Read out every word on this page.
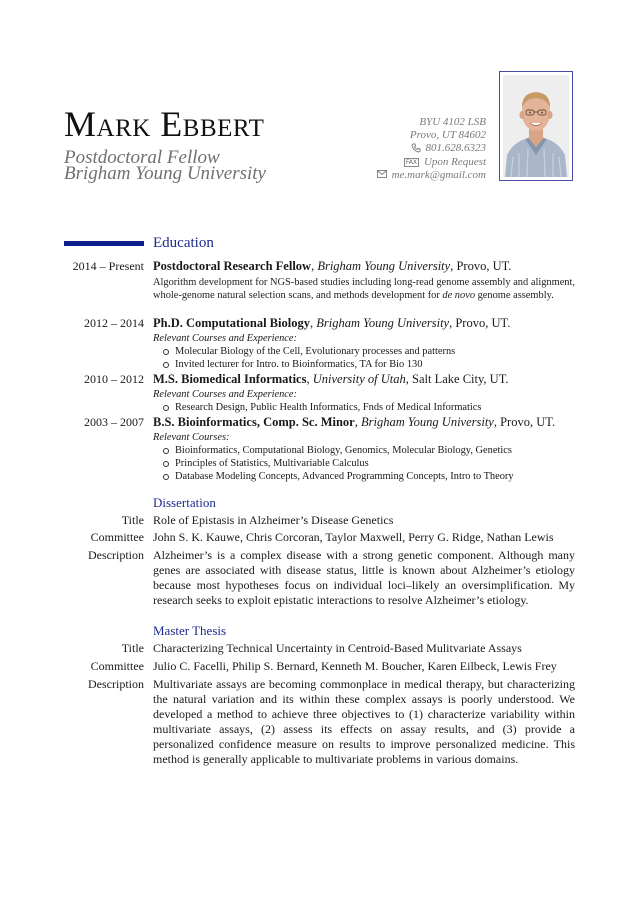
Mark Ebbert
Postdoctoral Fellow
Brigham Young University
BYU 4102 LSB
Provo, UT 84602
801.628.6323
FAX Upon Request
me.mark@gmail.com
Education
2014 – Present Postdoctoral Research Fellow, Brigham Young University, Provo, UT.
Algorithm development for NGS-based studies including long-read genome assembly and alignment, whole-genome natural selection scans, and methods development for de novo genome assembly.
2012 – 2014 Ph.D. Computational Biology, Brigham Young University, Provo, UT.
Relevant Courses and Experience:
Molecular Biology of the Cell, Evolutionary processes and patterns
Invited lecturer for Intro. to Bioinformatics, TA for Bio 130
2010 – 2012 M.S. Biomedical Informatics, University of Utah, Salt Lake City, UT.
Relevant Courses and Experience:
Research Design, Public Health Informatics, Fnds of Medical Informatics
2003 – 2007 B.S. Bioinformatics, Comp. Sc. Minor, Brigham Young University, Provo, UT.
Relevant Courses:
Bioinformatics, Computational Biology, Genomics, Molecular Biology, Genetics
Principles of Statistics, Multivariable Calculus
Database Modeling Concepts, Advanced Programming Concepts, Intro to Theory
Dissertation
Title Role of Epistasis in Alzheimer’s Disease Genetics
Committee John S. K. Kauwe, Chris Corcoran, Taylor Maxwell, Perry G. Ridge, Nathan Lewis
Description Alzheimer’s is a complex disease with a strong genetic component. Although many genes are associated with disease status, little is known about Alzheimer’s etiology because most hypotheses focus on individual loci–likely an oversimplification. My research seeks to exploit epistatic interactions to resolve Alzheimer’s etiology.
Master Thesis
Title Characterizing Technical Uncertainty in Centroid-Based Mulitvariate Assays
Committee Julio C. Facelli, Philip S. Bernard, Kenneth M. Boucher, Karen Eilbeck, Lewis Frey
Description Multivariate assays are becoming commonplace in medical therapy, but characterizing the natural variation and its within these complex assays is poorly understood. We developed a method to achieve three objectives to (1) characterize variability within multivariate assays, (2) assess its effects on assay results, and (3) provide a personalized confidence measure on results to improve personalized medicine. This method is generally applicable to multivariate problems in various domains.
